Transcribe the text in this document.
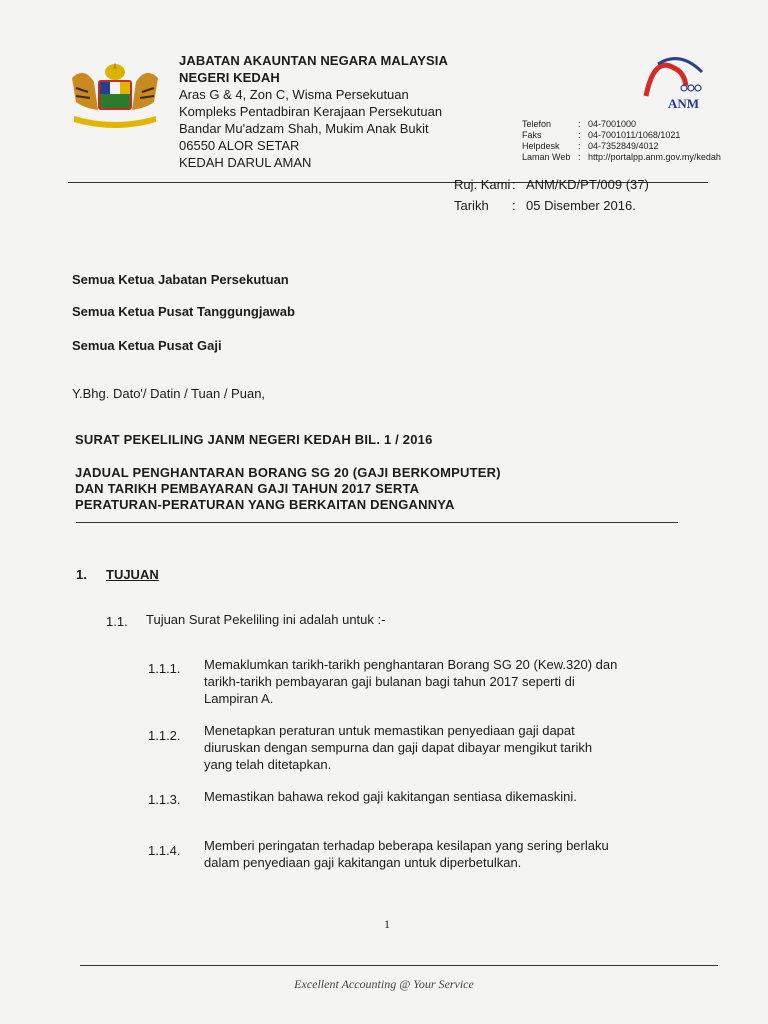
JABATAN AKAUNTAN NEGARA MALAYSIA
NEGERI KEDAH
Aras G & 4, Zon C, Wisma Persekutuan
Kompleks Pentadbiran Kerajaan Persekutuan
Bandar Mu'adzam Shah, Mukim Anak Bukit
06550 ALOR SETAR
KEDAH DARUL AMAN
ANM
Telefon	: 04-7001000
Faks	: 04-7001011/1068/1021
Helpdesk	: 04-7352849/4012
Laman Web : http://portalpp.anm.gov.my/kedah
Ruj. Kami : ANM/KD/PT/009 (37)
Tarikh	: 05 Disember 2016.
Semua Ketua Jabatan Persekutuan
Semua Ketua Pusat Tanggungjawab
Semua Ketua Pusat Gaji
Y.Bhg. Dato'/ Datin / Tuan / Puan,
SURAT PEKELILING JANM NEGERI KEDAH BIL. 1 / 2016
JADUAL PENGHANTARAN BORANG SG 20 (GAJI BERKOMPUTER)
DAN TARIKH PEMBAYARAN GAJI TAHUN 2017 SERTA
PERATURAN-PERATURAN YANG BERKAITAN DENGANNYA
1. TUJUAN
1.1. Tujuan Surat Pekeliling ini adalah untuk :-
1.1.1. Memaklumkan tarikh-tarikh penghantaran Borang SG 20 (Kew.320) dan
tarikh-tarikh pembayaran gaji bulanan bagi tahun 2017 seperti di
Lampiran A.
1.1.2. Menetapkan peraturan untuk memastikan penyediaan gaji dapat
diuruskan dengan sempurna dan gaji dapat dibayar mengikut tarikh
yang telah ditetapkan.
1.1.3. Memastikan bahawa rekod gaji kakitangan sentiasa dikemaskini.
1.1.4. Memberi peringatan terhadap beberapa kesilapan yang sering berlaku
dalam penyediaan gaji kakitangan untuk diperbetulkan.
1
Excellent Accounting @ Your Service
